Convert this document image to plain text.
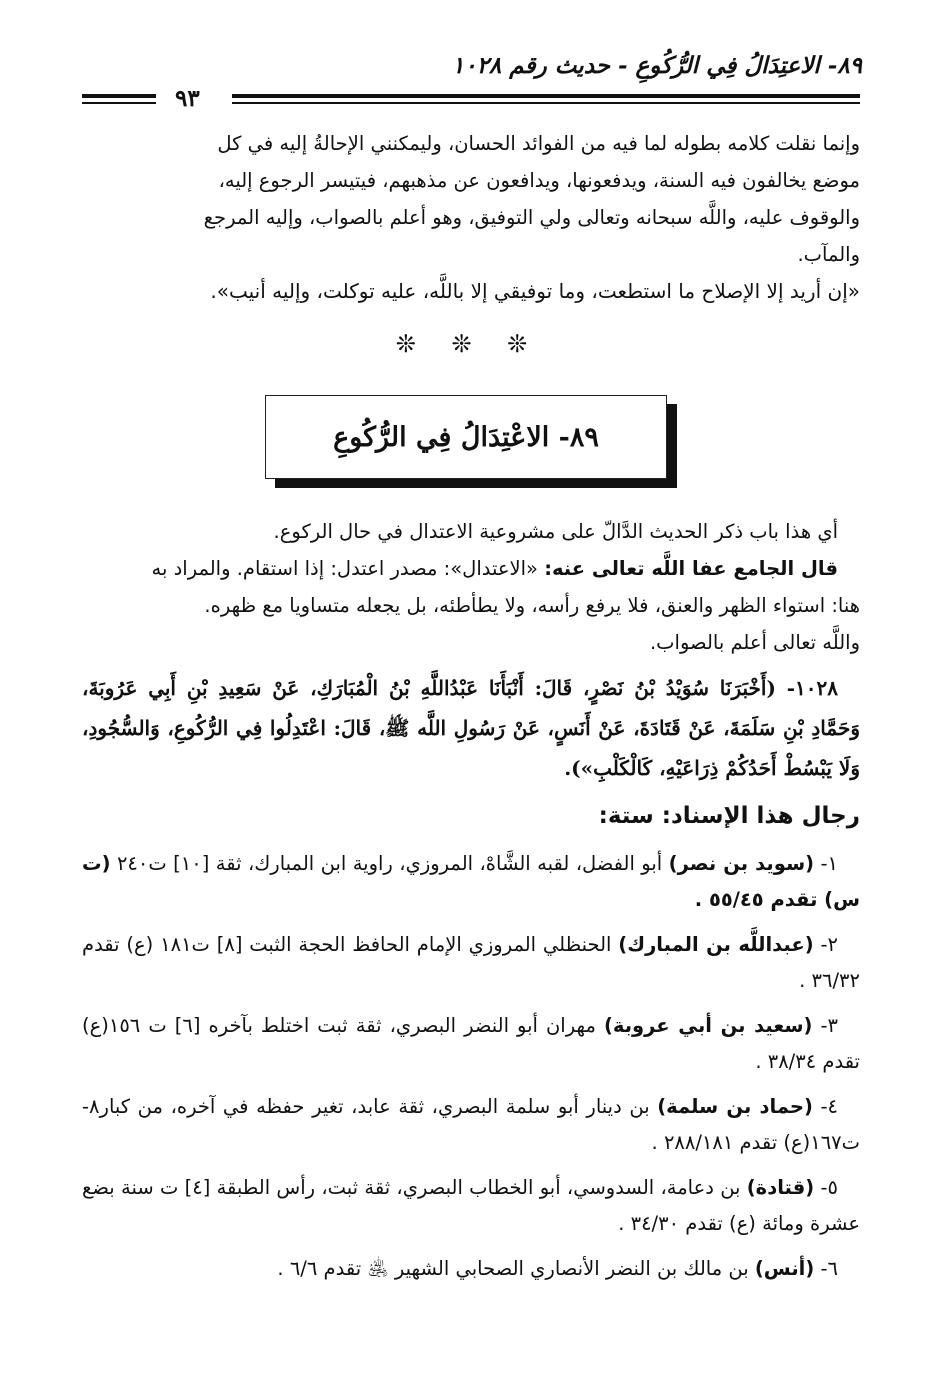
٨٩- الاعتِدَالُ فِي الرُّكُوعِ - حديث رقم ١٠٢٨
٩٣
وإنما نقلت كلامه بطوله لما فيه من الفوائد الحسان، وليمكنني الإحالةُ إليه في كل
موضع يخالفون فيه السنة، ويدفعونها، ويدافعون عن مذهبهم، فيتيسر الرجوع إليه،
والوقوف عليه، واللَّه سبحانه وتعالى ولي التوفيق، وهو أعلم بالصواب، وإليه المرجع
والمآب.
«إن أريد إلا الإصلاح ما استطعت، وما توفيقي إلا باللَّه، عليه توكلت، وإليه أنيب».
❊ ❊ ❊
٨٩- الاعْتِدَالُ فِي الرُّكُوعِ
أي هذا باب ذكر الحديث الدَّالّ على مشروعية الاعتدال في حال الركوع.
قال الجامع عفا اللَّه تعالى عنه: «الاعتدال»: مصدر اعتدل: إذا استقام. والمراد به
هنا: استواء الظهر والعنق، فلا يرفع رأسه، ولا يطأطئه، بل يجعله متساويا مع ظهره.
واللَّه تعالى أعلم بالصواب.
١٠٢٨- (أَخْبَرَنَا سُوَيْدُ بْنُ نَصْرٍ، قَالَ: أَنْبَأَنَا عَبْدُاللَّهِ بْنُ الْمُبَارَكِ، عَنْ سَعِيدِ بْنِ أَبِي عَرُوبَةَ، وَحَمَّادِ بْنِ سَلَمَةَ، عَنْ قَتَادَةَ، عَنْ أَنَسٍ، عَنْ رَسُولِ اللَّه ﷺ، قَالَ: اعْتَدِلُوا فِي الرُّكُوعِ، وَالسُّجُودِ، وَلَا يَبْسُطْ أَحَدُكُمْ ذِرَاعَيْهِ، كَالْكَلْبِ»).
رجال هذا الإسناد: ستة:
١- (سويد بن نصر) أبو الفضل، لقبه الشَّاهْ، المروزي، راوية ابن المبارك، ثقة [١٠] ت٢٤٠ (ت س) تقدم ٥٥/٤٥ .
٢- (عبداللَّه بن المبارك) الحنظلي المروزي الإمام الحافظ الحجة الثبت [٨] ت١٨١ (ع) تقدم ٣٦/٣٢ .
٣- (سعيد بن أبي عروبة) مهران أبو النضر البصري، ثقة ثبت اختلط بآخره [٦] ت ١٥٦(ع) تقدم ٣٨/٣٤ .
٤- (حماد بن سلمة) بن دينار أبو سلمة البصري، ثقة عابد، تغير حفظه في آخره، من كبار٨- ت١٦٧(ع) تقدم ٢٨٨/١٨١ .
٥- (قتادة) بن دعامة، السدوسي، أبو الخطاب البصري، ثقة ثبت، رأس الطبقة [٤] ت سنة بضع عشرة ومائة (ع) تقدم ٣٤/٣٠ .
٦- (أنس) بن مالك بن النضر الأنصاري الصحابي الشهير ﵁ تقدم ٦/٦ .
